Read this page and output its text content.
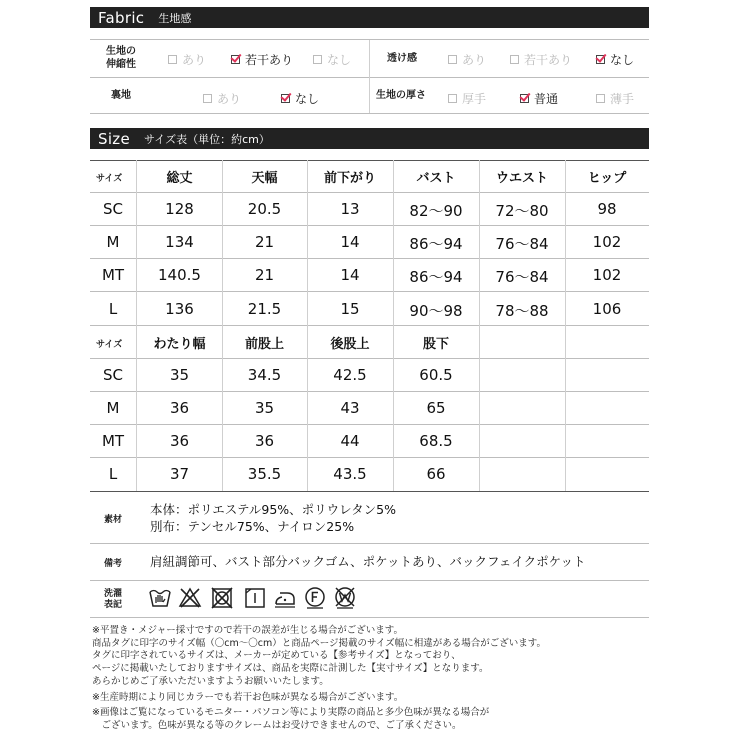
Fabric 生地感
生地の
伸縮性	あり	若干あり	なし	透け感	あり	若干あり	なし
裏地	あり	なし	生地の厚さ	厚手	普通	薄手
Size サイズ表（単位：約cm）
サイズ	総丈	天幅	前下がり	バスト	ウエスト	ヒップ
SC	128	20.5	13	82〜90	72〜80	98
M	134	21	14	86〜94	76〜84	102
MT	140.5	21	14	86〜94	76〜84	102
L	136	21.5	15	90〜98	78〜88	106
サイズ	わたり幅	前股上	後股上	股下
SC	35	34.5	42.5	60.5
M	36	35	43	65
MT	36	36	44	68.5
L	37	35.5	43.5	66
素材
本体：ポリエステル95%、ポリウレタン5%
別布：テンセル75%、ナイロン25%
備考 肩紐調節可、バスト部分バックゴム、ポケットあり、バックフェイクポケット
洗濯
表記

※平置き・メジャー採寸ですので若干の誤差が生じる場合がございます。

商品タグに印字のサイズ幅（〇cm〜〇cm）と商品ページ掲載のサイズ幅に相違がある場合がございます。

タグに印字されているサイズは、メーカーが定めている【参考サイズ】となっており、

ページに掲載いたしておりますサイズは、商品を実際に計測した【実寸サイズ】となります。

あらかじめご了承いただいますようお願いいたします。

※生産時期により同じカラーでも若干お色味が異なる場合がございます。

※画像はご覧になっているモニター・パソコン等により実際の商品と多少色味が異なる場合が

　ございます。色味が異なる等のクレームはお受けできませんので、ご了承ください。
